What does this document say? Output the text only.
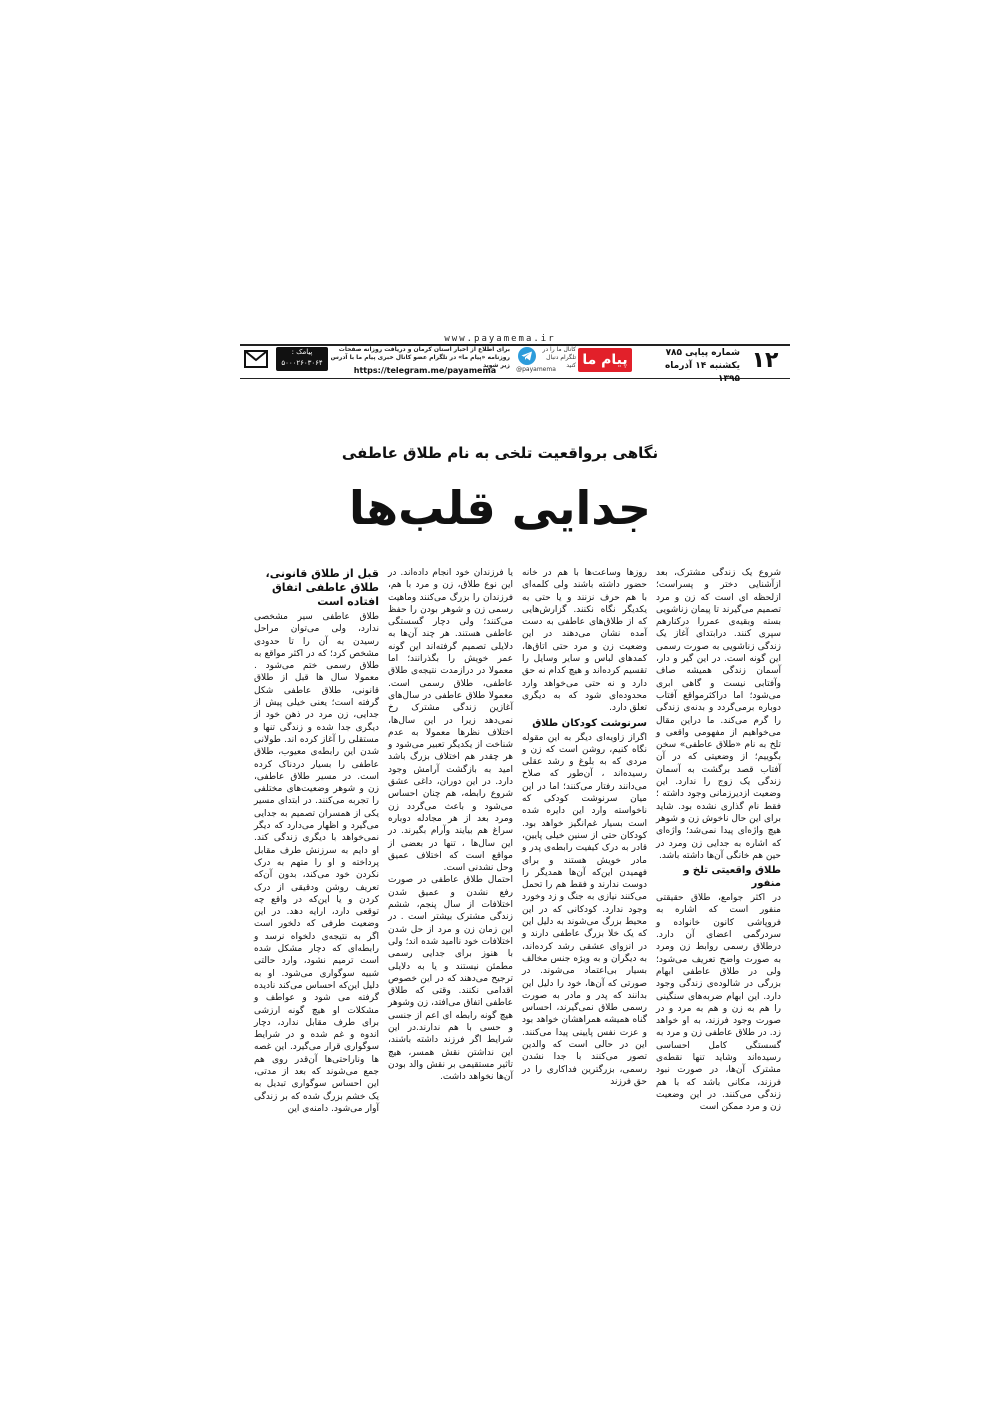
www.payamema.ir
۱۲
شماره پیاپی ۷۸۵
یکشنبه ۱۴ آذرماه ۱۳۹۵
پیام ما
کانال ما را در تلگرام دنبال کنید
@payamema
برای اطلاع از اخبار استان کرمان و دریافت روزانه صفحات روزنامه «پیام ما» در تلگرام عضو کانال خبری پیام ما با آدرس زیر شوید
https://telegram.me/payamema
پیامک :
۵۰۰۰۲۶۰۳۰۶۴
نگاهی برواقعیت تلخی به نام طلاق عاطفی
جدایی قلب‌ها

شروع یک زندگی مشترک، بعد ازآشنایی دختر و پسراست؛ ازلحظه ای است که زن و مرد تصمیم می‌گیرند تا پیمان زناشویی بسته وبقیه‌ی عمررا درکنارهم سپری کنند. درابتدای آغاز یک زندگی زناشویی به صورت رسمی این گونه است. در این گیر و دار، آسمان زندگی همیشه صاف وآفتابی نیست و گاهی ابری می‌شود؛ اما دراکثرمواقع آفتاب دوباره برمی‌گردد و بدنه‌ی زندگی را گرم می‌کند. ما دراین مقال می‌خواهیم از مفهومی واقعی و تلخ به نام «طلاق عاطفی» سخن بگوییم؛ از وضعیتی که در آن آفتاب قصد برگشت به آسمان زندگی یک زوج را ندارد. این وضعیت ازدیرزمانی وجود داشته ؛ فقط نام گذاری نشده بود. شاید برای این حال ناخوش زن و شوهر هیچ واژه‌ای پیدا نمی‌شد؛ واژه‌ای که اشاره به جدایی زن ومرد در حین هم خانگی آن‌ها داشته باشد.

طلاق واقعیتی تلخ و منفور

در اکثر جوامع، طلاق حقیقتی منفور است که اشاره به فروپاشی کانون خانواده و سردرگمی اعضای آن دارد. درطلاق رسمی روابط زن ومرد به صورت واضح تعریف می‌شود؛ ولی در طلاق عاطفی ابهام بزرگی در شالوده‌ی زندگی وجود دارد. این ابهام ضربه‌های سنگینی را هم به زن و هم به مرد و در صورت وجود فرزند، به او خواهد زد. در طلاق عاطفی زن و مرد به گسستگی کامل احساسی رسیده‌اند وشاید تنها نقطه‌ی مشترک آن‌ها، در صورت نبود فرزند، مکانی باشد که با هم زندگی می‌کنند. در این وضعیت زن و مرد ممکن است

روزها وساعت‌ها با هم در خانه حضور داشته باشند ولی کلمه‌ای با هم حرف نزنند و یا حتی به یکدیگر نگاه نکنند. گزارش‌هایی که از طلاق‌های عاطفی به دست آمده نشان می‌دهند در این وضعیت زن و مرد حتی اتاق‌ها، کمدهای لباس و سایر وسایل را تقسیم کرده‌اند و هیچ کدام نه حق دارد و نه حتی می‌خواهد وارد محدوده‌ای شود که به دیگری تعلق دارد.

سرنوشت کودکان طلاق

اگراز زاویه‌ای دیگر به این مقوله نگاه کنیم، روشن است که زن و مردی که به بلوغ و رشد عقلی رسیده‌اند ، آن‌طور که صلاح می‌دانند رفتار می‌کنند؛ اما در این میان سرنوشت کودکی که ناخواسته وارد این دایره شده است بسیار غم‌انگیز خواهد بود. کودکان حتی از سنین خیلی پایین، قادر به درک کیفیت رابطه‌ی پدر و مادر خویش هستند و برای فهمیدن این‌که آن‌ها همدیگر را دوست ندارند و فقط هم را تحمل می‌کنند نیازی به جنگ و زد وخورد وجود ندارد. کودکانی که در این محیط بزرگ می‌شوند به دلیل این که یک خلا بزرگ عاطفی دارند و در انزوای عشقی رشد کرده‌اند، به دیگران و به ویژه جنس مخالف بسیار بی‌اعتماد می‌شوند. در صورتی که آن‌ها، خود را دلیل این بدانند که پدر و مادر به صورت رسمی طلاق نمی‌گیرند، احساس گناه همیشه همراهشان خواهد بود و عزت نفس پایینی پیدا می‌کنند. این در حالی است که والدین تصور می‌کنند با جدا نشدن رسمی، بزرگترین فداکاری را در حق فرزند

یا فرزندان خود انجام داده‌اند. در این نوع طلاق، زن و مرد با هم، فرزندان را بزرگ می‌کنند وماهیت رسمی زن و شوهر بودن را حفظ می‌کنند؛ ولی دچار گسستگی عاطفی هستند. هر چند آن‌ها به دلایلی تصمیم گرفته‌اند این گونه عمر خویش را بگذرانند؛ اما معمولا در درازمدت نتیجه‌ی طلاق عاطفی، طلاق رسمی است. معمولا طلاق عاطفی در سال‌های آغازین زندگی مشترک رخ نمی‌دهد زیرا در این سال‌ها، اختلاف نظرها معمولا به عدم شناخت از یکدیگر تعبیر می‌شود و هر چقدر هم اختلاف بزرگ باشد امید به بازگشت آرامش وجود دارد. در این دوران، داغی عشق شروع رابطه، هم چنان احساس می‌شود و باعث می‌گردد زن ومرد بعد از هر مجادله دوباره سراغ هم بیایند وآرام بگیرند. در این سال‌ها ، تنها در بعضی از مواقع است که اختلاف عمیق وحل نشدنی است.

احتمال طلاق عاطفی در صورت رفع نشدن و عمیق شدن اختلافات از سال پنجم، ششم زندگی مشترک بیشتر است . در این زمان زن و مرد از حل شدن اختلافات خود ناامید شده اند؛ ولی با هنوز برای جدایی رسمی مطمئن نیستند و یا به دلایلی ترجیح می‌دهند که در این خصوص اقدامی نکنند. وقتی که طلاق عاطفی اتفاق می‌افتد، زن وشوهر هیچ گونه رابطه ای اعم از جنسی و حسی با هم ندارند.در این شرایط اگر فرزند داشته باشند، این نداشتن نقش همسر، هیچ تاثیر مستقیمی بر نقش والد بودن آن‌ها نخواهد داشت.

قبل از طلاق قانونی، طلاق عاطفی اتفاق افتاده است

طلاق عاطفی سیر مشخصی ندارد، ولی می‌توان مراحل رسیدن به آن را تا حدودی مشخص کرد؛ که در اکثر مواقع به طلاق رسمی ختم می‌شود . معمولا سال ها قبل از طلاق قانونی، طلاق عاطفی شکل گرفته است؛ یعنی خیلی پیش از جدایی، زن مرد در ذهن خود از دیگری جدا شده و زندگی تنها و مستقلی را آغاز کرده اند. طولانی شدن این رابطه‌ی معیوب، طلاق عاطفی را بسیار دردناک کرده است. در مسیر طلاق عاطفی، زن و شوهر وضعیت‌های مختلفی را تجربه می‌کنند. در ابتدای مسیر یکی از همسران تصمیم به جدایی می‌گیرد و اظهار می‌دارد که دیگر نمی‌خواهد با دیگری زندگی کند. او دایم به سرزنش طرف مقابل پرداخته و او را متهم به درک نکردن خود می‌کند، بدون آن‌که تعریف روشن ودقیقی از درک کردن و یا این‌که در واقع چه توقعی دارد، ارایه دهد. در این وضعیت طرفی که دلخور است اگر به نتیجه‌ی دلخواه نرسد و رابطه‌ای که دچار مشکل شده است ترمیم نشود، وارد حالتی شبیه سوگواری می‌شود. او به دلیل این‌که احساس می‌کند نادیده گرفته می شود و عواطف و مشکلات او هیچ گونه ارزشی برای طرف مقابل ندارد، دچار اندوه و غم شده و در شرایط سوگواری قرار می‌گیرد. این غصه ها وناراحتی‌ها آن‌قدر روی هم جمع می‌شوند که بعد از مدتی، این احساس سوگواری تبدیل به یک خشم بزرگ شده که بر زندگی آوار می‌شود. دامنه‌ی این
